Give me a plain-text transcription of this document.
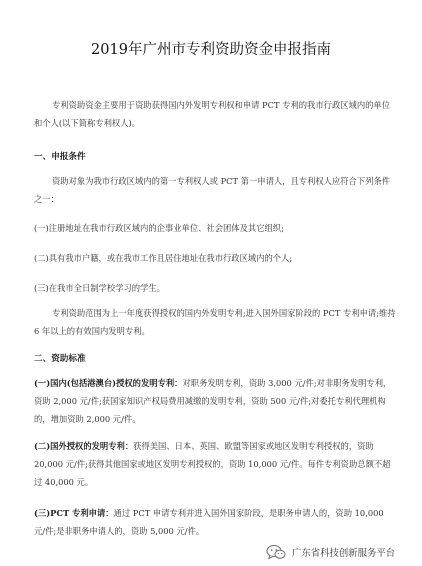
2019年广州市专利资助资金申报指南
专利资助资金主要用于资助获得国内外发明专利权和申请 PCT 专利的我市行政区域内的单位和个人(以下简称专利权人)。
一、申报条件
资助对象为我市行政区域内的第一专利权人或 PCT 第一申请人，且专利权人应符合下列条件之一：
(一)注册地址在我市行政区域内的企事业单位、社会团体及其它组织;
(二)具有我市户籍，或在我市工作且居住地址在我市行政区域内的个人;
(三)在我市全日制学校学习的学生。
专利资助范围为上一年度获得授权的国内外发明专利;进入国外国家阶段的 PCT 专利申请;维持 6 年以上的有效国内发明专利。
二、资助标准
(一)国内(包括港澳台)授权的发明专利：对职务发明专利，资助 3,000 元/件;对非职务发明专利，资助 2,000 元/件;获国家知识产权局费用减缴的发明专利，资助 500 元/件;对委托专利代理机构的，增加资助 2,000 元/件。
(二)国外授权的发明专利：获得美国、日本、英国、欧盟等国家或地区发明专利授权的，资助 20,000 元/件;获得其他国家或地区发明专利授权的，资助 10,000 元/件。每件专利资助总额不超过 40,000 元。
(三)PCT 专利申请：通过 PCT 申请专利并进入国外国家阶段，是职务申请人的，资助 10,000 元/件;是非职务申请人的，资助 5,000 元/件。
广东省科技创新服务平台
